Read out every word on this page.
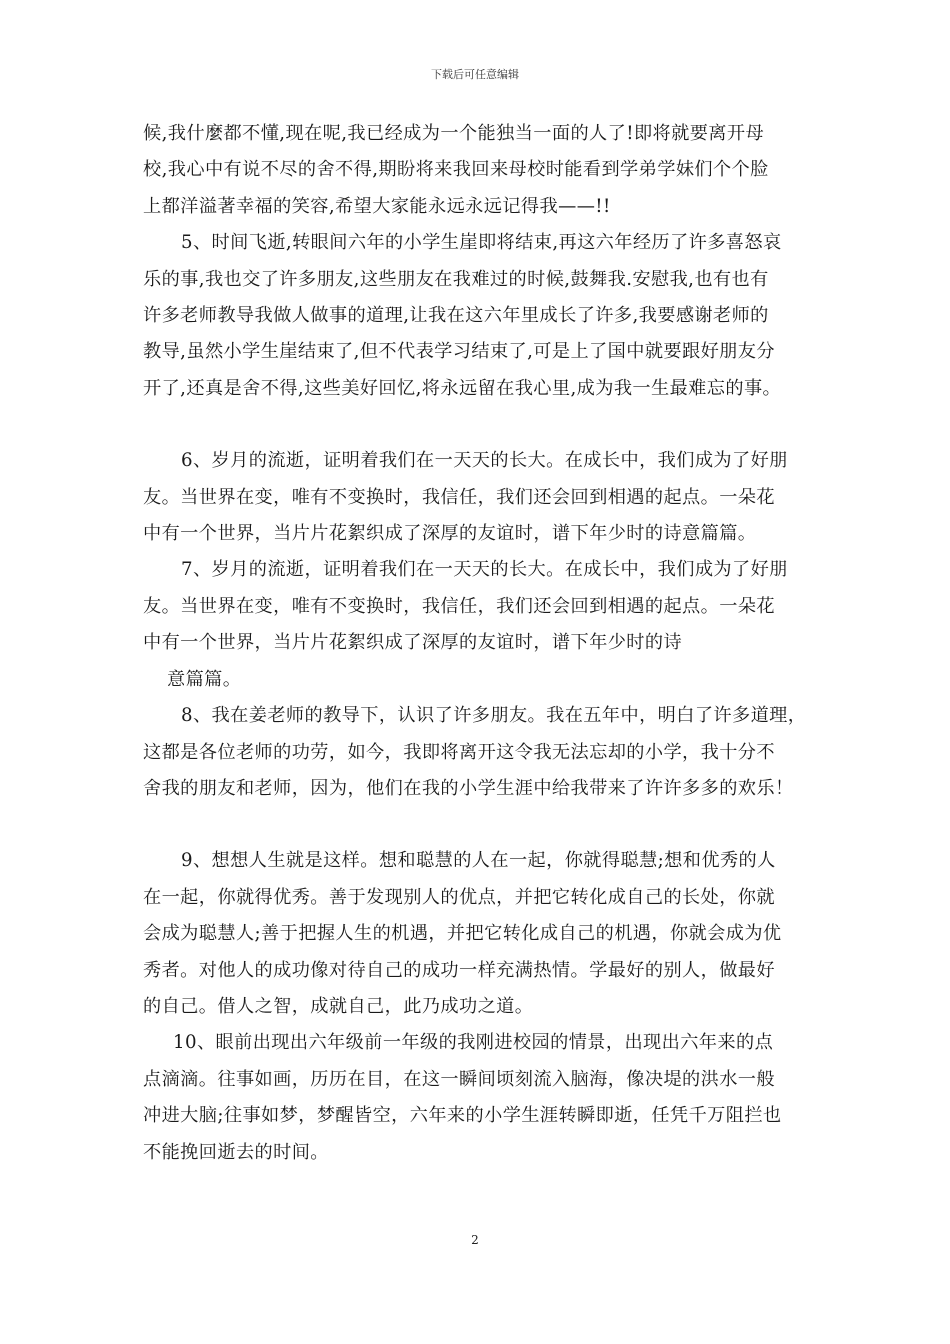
下载后可任意编辑
候,我什麼都不懂,现在呢,我已经成为一个能独当一面的人了!即将就要离开母
校,我心中有说不尽的舍不得,期盼将来我回来母校时能看到学弟学妹们个个脸
上都洋溢著幸福的笑容,希望大家能永远永远记得我——!!
5、时间飞逝,转眼间六年的小学生崖即将结束,再这六年经历了许多喜怒哀
乐的事,我也交了许多朋友,这些朋友在我难过的时候,鼓舞我.安慰我,也有也有
许多老师教导我做人做事的道理,让我在这六年里成长了许多,我要感谢老师的
教导,虽然小学生崖结束了,但不代表学习结束了,可是上了国中就要跟好朋友分
开了,还真是舍不得,这些美好回忆,将永远留在我心里,成为我一生最难忘的事。
6、岁月的流逝，证明着我们在一天天的长大。在成长中，我们成为了好朋
友。当世界在变，唯有不变换时，我信任，我们还会回到相遇的起点。一朵花
中有一个世界，当片片花絮织成了深厚的友谊时，谱下年少时的诗意篇篇。
7、岁月的流逝，证明着我们在一天天的长大。在成长中，我们成为了好朋
友。当世界在变，唯有不变换时，我信任，我们还会回到相遇的起点。一朵花
中有一个世界，当片片花絮织成了深厚的友谊时，谱下年少时的诗
意篇篇。
8、我在姜老师的教导下，认识了许多朋友。我在五年中，明白了许多道理，
这都是各位老师的功劳，如今，我即将离开这令我无法忘却的小学，我十分不
舍我的朋友和老师，因为，他们在我的小学生涯中给我带来了许许多多的欢乐！
9、想想人生就是这样。想和聪慧的人在一起，你就得聪慧;想和优秀的人
在一起，你就得优秀。善于发现别人的优点，并把它转化成自己的长处，你就
会成为聪慧人;善于把握人生的机遇，并把它转化成自己的机遇，你就会成为优
秀者。对他人的成功像对待自己的成功一样充满热情。学最好的别人，做最好
的自己。借人之智，成就自己，此乃成功之道。
10、眼前出现出六年级前一年级的我刚进校园的情景，出现出六年来的点
点滴滴。往事如画，历历在目，在这一瞬间顷刻流入脑海，像决堤的洪水一般
冲进大脑;往事如梦，梦醒皆空，六年来的小学生涯转瞬即逝，任凭千万阻拦也
不能挽回逝去的时间。
2
